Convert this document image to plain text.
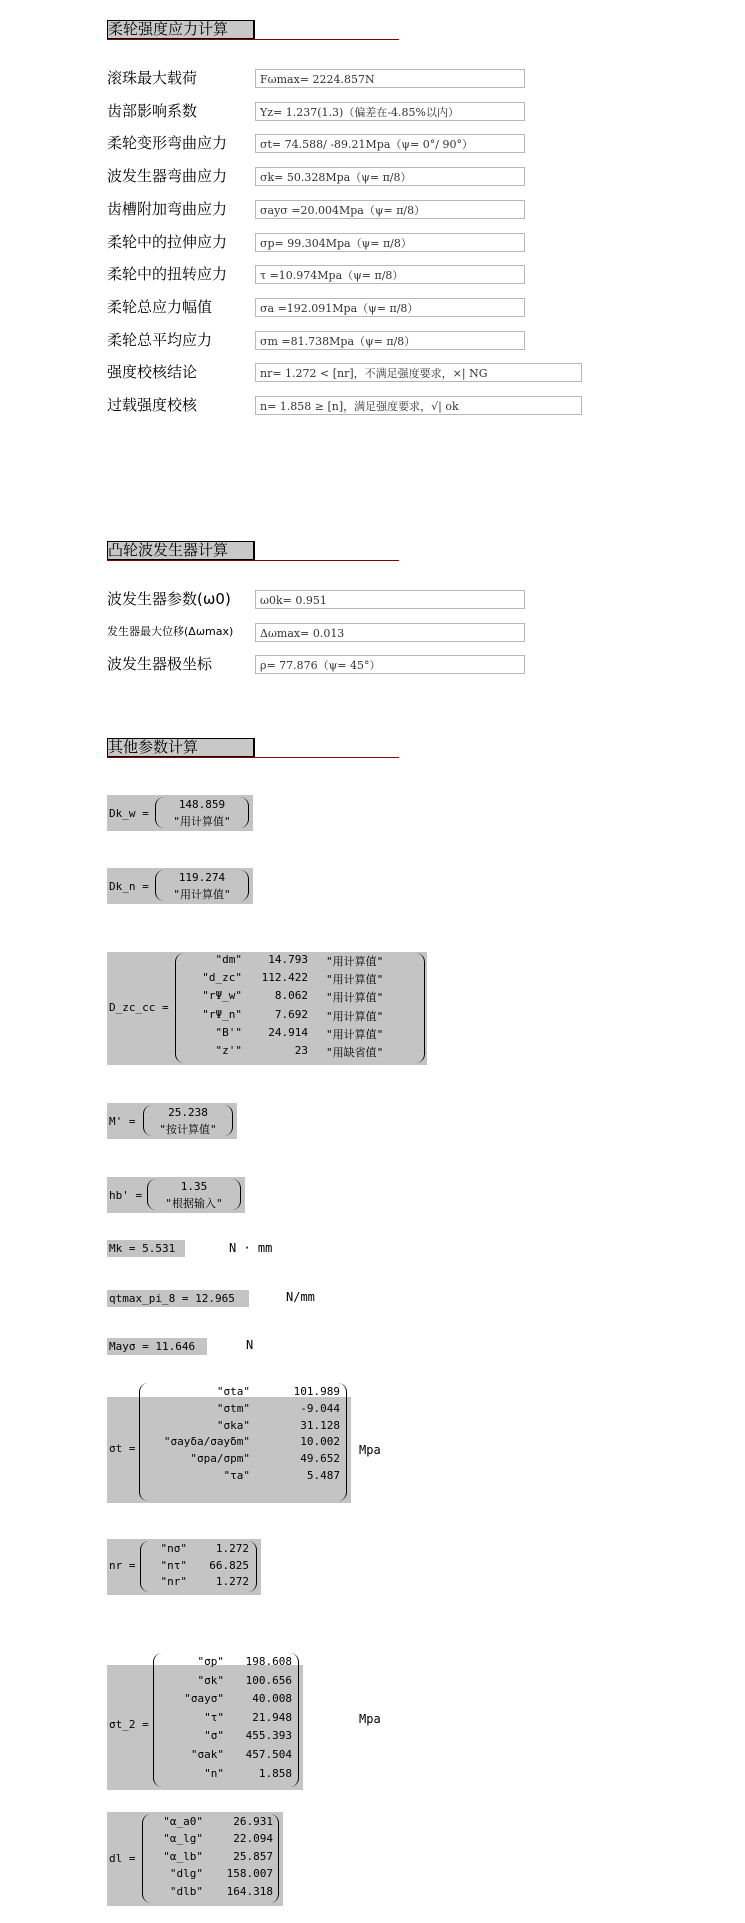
柔轮强度应力计算
滚珠最大载荷	Fωmax= 2224.857N
齿部影响系数	Yz= 1.237(1.3)（偏差在-4.85%以内）
柔轮变形弯曲应力	σt= 74.588/ -89.21Mpa（ψ= 0°/ 90°）
波发生器弯曲应力	σk= 50.328Mpa（ψ= π/8）
齿槽附加弯曲应力	σayσ =20.004Mpa（ψ= π/8）
柔轮中的拉伸应力	σp= 99.304Mpa（ψ= π/8）
柔轮中的扭转应力	τ =10.974Mpa（ψ= π/8）
柔轮总应力幅值	σa =192.091Mpa（ψ= π/8）
柔轮总平均应力	σm =81.738Mpa（ψ= π/8）
强度校核结论	nr= 1.272 < [nr]，不满足强度要求，×| NG
过载强度校核	n= 1.858 ≥ [n]，满足强度要求，√| ok
凸轮波发生器计算
波发生器参数(ω0)	ω0k= 0.951
发生器最大位移(Δωmax)	Δωmax= 0.013
波发生器极坐标	ρ= 77.876（ψ= 45°）
其他参数计算
Dk_w =
148.859
"用计算值"
Dk_n =
119.274
"用计算值"
D_zc_cc =
"dm"	14.793 "用计算值"
"d_zc"	112.422 "用计算值"
"rΨ_w"	8.062 "用计算值"
"rΨ_n"	7.692 "用计算值"
"B'"	24.914 "用计算值"
"z'"	23 "用缺省值"
M' =
25.238
"按计算值"
hb' =
1.35
"根据输入"
Mk = 5.531	N · mm
qtmax_pi_8 = 12.965	N/mm
Mayσ = 11.646	N
σt =
"σta"	101.989
"σtm"	-9.044
"σka"	31.128
"σayδa/σayδm"	10.002
"σpa/σpm"	49.652
"τa"	5.487
Mpa
nr =
"nσ"	1.272
"nτ"	66.825
"nr"	1.272
σt_2 =
"σp"	198.608
"σk"	100.656
"σayσ"	40.008
"τ"	21.948
"σ"	455.393
"σak"	457.504
"n"	1.858
Mpa
dl =
"α_a0"	26.931
"α_lg"	22.094
"α_lb"	25.857
"dlg"	158.007
"dlb"	164.318
